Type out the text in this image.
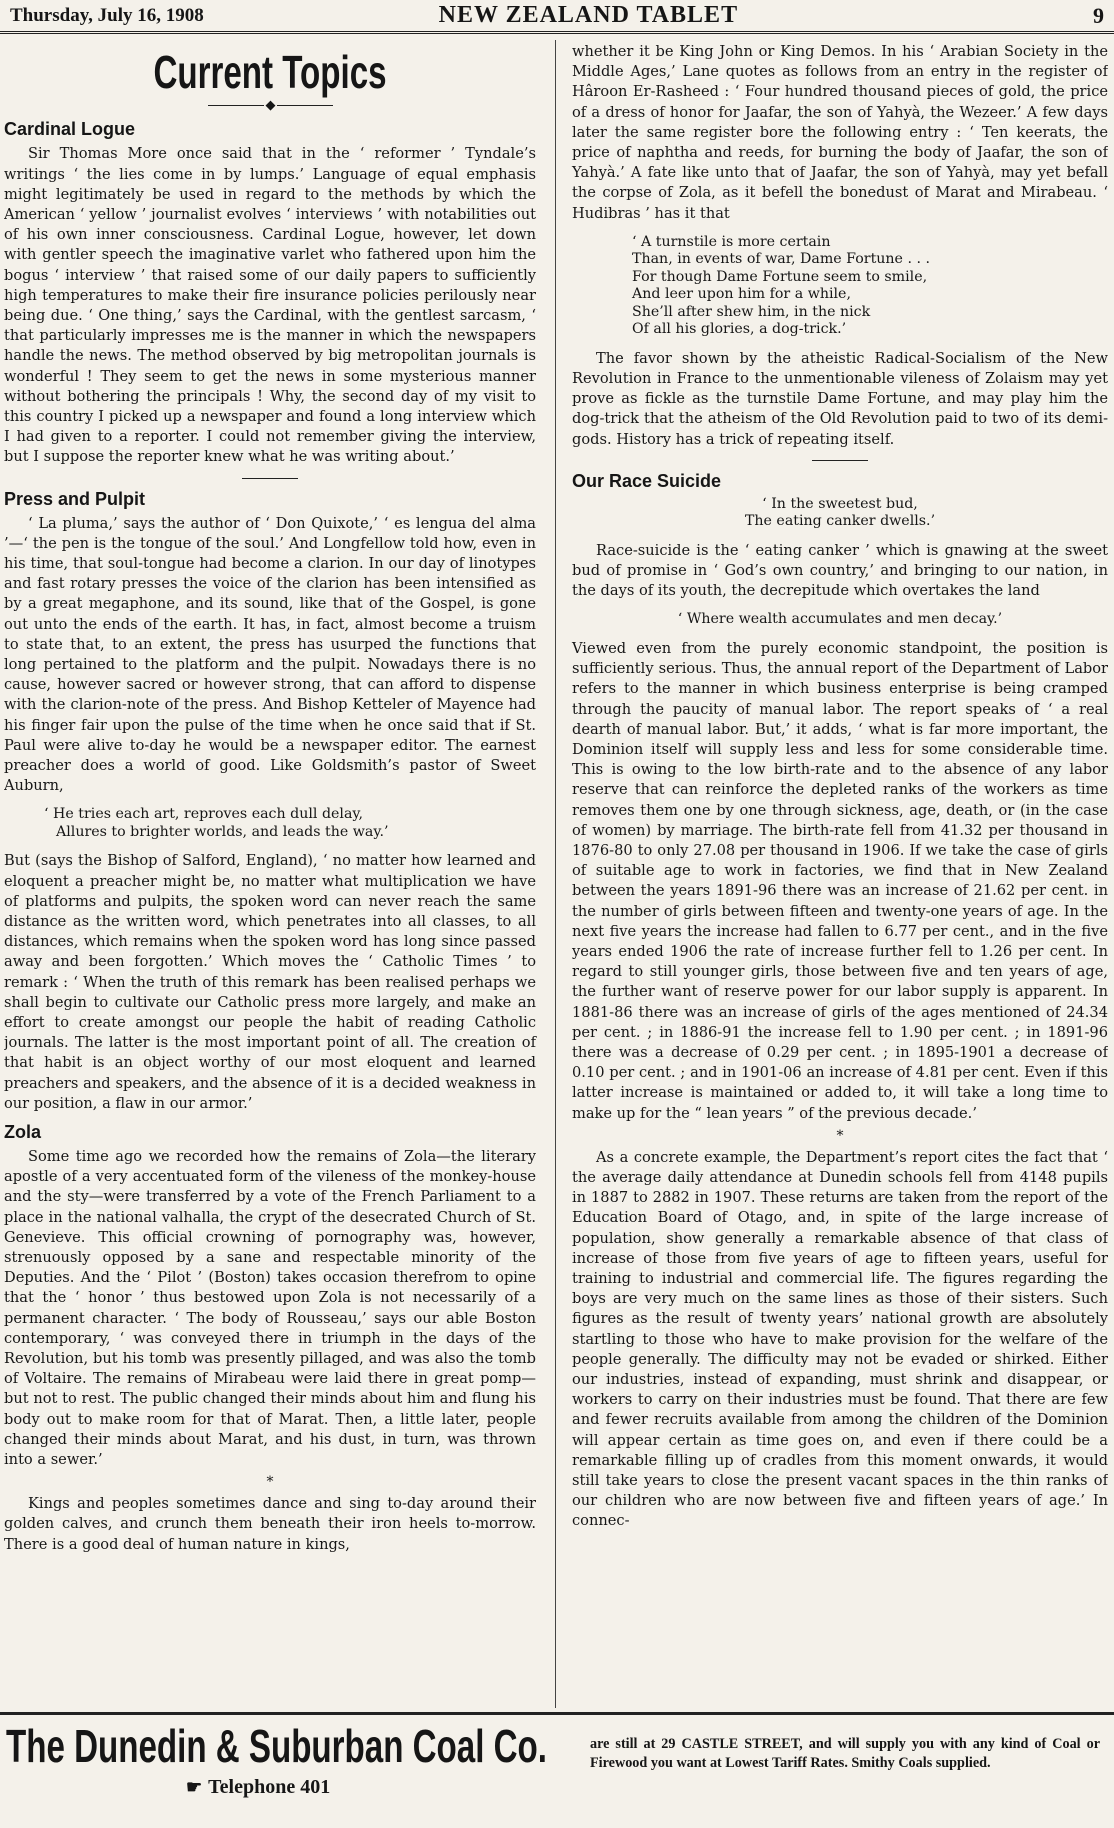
Thursday, July 16, 1908	NEW ZEALAND TABLET	9
Current Topics
◆
Cardinal Logue

Sir Thomas More once said that in the ‘ reformer ’ Tyndale’s writings ‘ the lies come in by lumps.’ Language of equal emphasis might legitimately be used in regard to the methods by which the American ‘ yellow ’ journalist evolves ‘ interviews ’ with notabilities out of his own inner consciousness. Cardinal Logue, however, let down with gentler speech the imaginative varlet who fathered upon him the bogus ‘ interview ’ that raised some of our daily papers to sufficiently high temperatures to make their fire insurance policies perilously near being due. ‘ One thing,’ says the Cardinal, with the gentlest sarcasm, ‘ that particularly impresses me is the manner in which the newspapers handle the news. The method observed by big metropolitan journals is wonderful ! They seem to get the news in some mysterious manner without bothering the principals ! Why, the second day of my visit to this country I picked up a newspaper and found a long interview which I had given to a reporter. I could not remember giving the interview, but I suppose the reporter knew what he was writing about.’

Press and Pulpit

‘ La pluma,’ says the author of ‘ Don Quixote,’ ‘ es lengua del alma ’—‘ the pen is the tongue of the soul.’ And Longfellow told how, even in his time, that soul-tongue had become a clarion. In our day of linotypes and fast rotary presses the voice of the clarion has been intensified as by a great megaphone, and its sound, like that of the Gospel, is gone out unto the ends of the earth. It has, in fact, almost become a truism to state that, to an extent, the press has usurped the functions that long pertained to the platform and the pulpit. Nowadays there is no cause, however sacred or however strong, that can afford to dispense with the clarion-note of the press. And Bishop Ketteler of Mayence had his finger fair upon the pulse of the time when he once said that if St. Paul were alive to-day he would be a newspaper editor. The earnest preacher does a world of good. Like Goldsmith’s pastor of Sweet Auburn,

‘ He tries each art, reproves each dull delay,
Allures to brighter worlds, and leads the way.’

But (says the Bishop of Salford, England), ‘ no matter how learned and eloquent a preacher might be, no matter what multiplication we have of platforms and pulpits, the spoken word can never reach the same distance as the written word, which penetrates into all classes, to all distances, which remains when the spoken word has long since passed away and been forgotten.’ Which moves the ‘ Catholic Times ’ to remark : ‘ When the truth of this remark has been realised perhaps we shall begin to cultivate our Catholic press more largely, and make an effort to create amongst our people the habit of reading Catholic journals. The latter is the most important point of all. The creation of that habit is an object worthy of our most eloquent and learned preachers and speakers, and the absence of it is a decided weakness in our position, a flaw in our armor.’

Zola

Some time ago we recorded how the remains of Zola—the literary apostle of a very accentuated form of the vileness of the monkey-house and the sty—were transferred by a vote of the French Parliament to a place in the national valhalla, the crypt of the desecrated Church of St. Genevieve. This official crowning of pornography was, however, strenuously opposed by a sane and respectable minority of the Deputies. And the ‘ Pilot ’ (Boston) takes occasion therefrom to opine that the ‘ honor ’ thus bestowed upon Zola is not necessarily of a permanent character. ‘ The body of Rousseau,’ says our able Boston contemporary, ‘ was conveyed there in triumph in the days of the Revolution, but his tomb was presently pillaged, and was also the tomb of Voltaire. The remains of Mirabeau were laid there in great pomp—but not to rest. The public changed their minds about him and flung his body out to make room for that of Marat. Then, a little later, people changed their minds about Marat, and his dust, in turn, was thrown into a sewer.’

*

Kings and peoples sometimes dance and sing to-day around their golden calves, and crunch them beneath their iron heels to-morrow. There is a good deal of human nature in kings,

whether it be King John or King Demos. In his ‘ Arabian Society in the Middle Ages,’ Lane quotes as follows from an entry in the register of Hâroon Er-Rasheed : ‘ Four hundred thousand pieces of gold, the price of a dress of honor for Jaafar, the son of Yahyà, the Wezeer.’ A few days later the same register bore the following entry : ‘ Ten keerats, the price of naphtha and reeds, for burning the body of Jaafar, the son of Yahyà.’ A fate like unto that of Jaafar, the son of Yahyà, may yet befall the corpse of Zola, as it befell the bonedust of Marat and Mirabeau. ‘ Hudibras ’ has it that

‘ A turnstile is more certain
Than, in events of war, Dame Fortune . . .
For though Dame Fortune seem to smile,
And leer upon him for a while,
She’ll after shew him, in the nick
Of all his glories, a dog-trick.’

The favor shown by the atheistic Radical-Socialism of the New Revolution in France to the unmentionable vileness of Zolaism may yet prove as fickle as the turnstile Dame Fortune, and may play him the dog-trick that the atheism of the Old Revolution paid to two of its demi-gods. History has a trick of repeating itself.

Our Race Suicide
‘ In the sweetest bud,
The eating canker dwells.’

Race-suicide is the ‘ eating canker ’ which is gnawing at the sweet bud of promise in ‘ God’s own country,’ and bringing to our nation, in the days of its youth, the decrepitude which overtakes the land

‘ Where wealth accumulates and men decay.’

Viewed even from the purely economic standpoint, the position is sufficiently serious. Thus, the annual report of the Department of Labor refers to the manner in which business enterprise is being cramped through the paucity of manual labor. The report speaks of ‘ a real dearth of manual labor. But,’ it adds, ‘ what is far more important, the Dominion itself will supply less and less for some considerable time. This is owing to the low birth-rate and to the absence of any labor reserve that can reinforce the depleted ranks of the workers as time removes them one by one through sickness, age, death, or (in the case of women) by marriage. The birth-rate fell from 41.32 per thousand in 1876-80 to only 27.08 per thousand in 1906. If we take the case of girls of suitable age to work in factories, we find that in New Zealand between the years 1891-96 there was an increase of 21.62 per cent. in the number of girls between fifteen and twenty-one years of age. In the next five years the increase had fallen to 6.77 per cent., and in the five years ended 1906 the rate of increase further fell to 1.26 per cent. In regard to still younger girls, those between five and ten years of age, the further want of reserve power for our labor supply is apparent. In 1881-86 there was an increase of girls of the ages mentioned of 24.34 per cent. ; in 1886-91 the increase fell to 1.90 per cent. ; in 1891-96 there was a decrease of 0.29 per cent. ; in 1895-1901 a decrease of 0.10 per cent. ; and in 1901-06 an increase of 4.81 per cent. Even if this latter increase is maintained or added to, it will take a long time to make up for the “ lean years ” of the previous decade.’

*

As a concrete example, the Department’s report cites the fact that ‘ the average daily attendance at Dunedin schools fell from 4148 pupils in 1887 to 2882 in 1907. These returns are taken from the report of the Education Board of Otago, and, in spite of the large increase of population, show generally a remarkable absence of that class of increase of those from five years of age to fifteen years, useful for training to industrial and commercial life. The figures regarding the boys are very much on the same lines as those of their sisters. Such figures as the result of twenty years’ national growth are absolutely startling to those who have to make provision for the welfare of the people generally. The difficulty may not be evaded or shirked. Either our industries, instead of expanding, must shrink and disappear, or workers to carry on their industries must be found. That there are few and fewer recruits available from among the children of the Dominion will appear certain as time goes on, and even if there could be a remarkable filling up of cradles from this moment onwards, it would still take years to close the present vacant spaces in the thin ranks of our children who are now between five and fifteen years of age.’ In connec-

The Dunedin & Suburban Coal Co.
☛ Telephone 401
are still at 29 CASTLE STREET, and will supply you with any kind of Coal or Firewood you want at Lowest Tariff Rates. Smithy Coals supplied.
